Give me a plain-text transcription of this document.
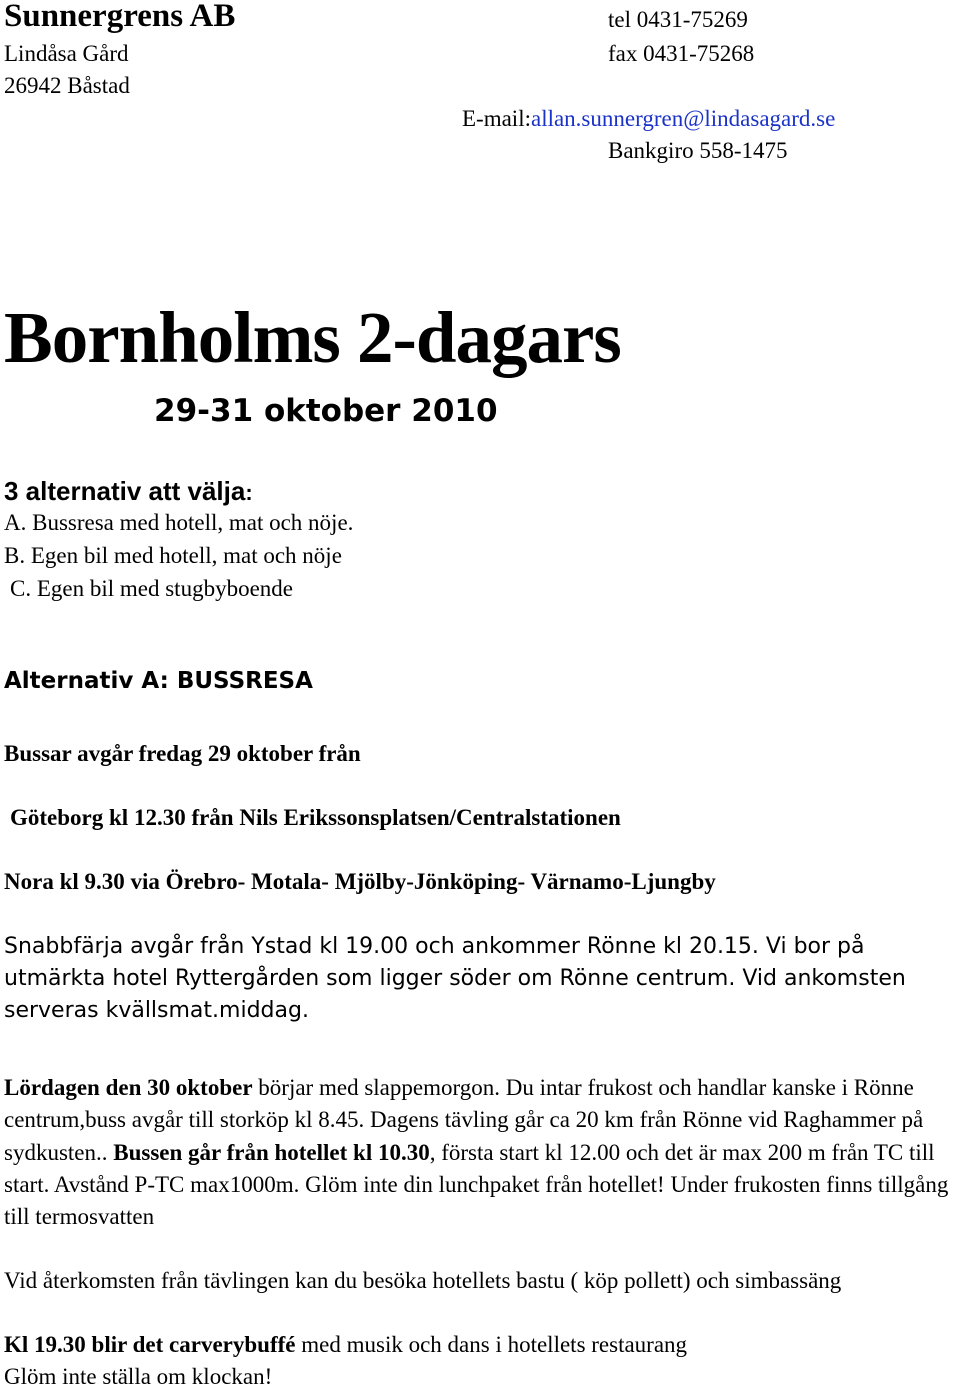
Sunnergrens AB
Lindåsa Gård
26942 Båstad
tel 0431-75269
fax 0431-75268
E-mail:allan.sunnergren@lindasagard.se
Bankgiro 558-1475
Bornholms 2-dagars
29-31 oktober 2010
3 alternativ att välja:
A. Bussresa med hotell, mat och nöje.
B. Egen bil med hotell, mat och nöje
C. Egen bil med stugbyboende
Alternativ A: BUSSRESA
Bussar avgår fredag 29 oktober från
Göteborg kl 12.30 från Nils Erikssonsplatsen/Centralstationen
Nora kl 9.30 via Örebro- Motala- Mjölby-Jönköping- Värnamo-Ljungby
Snabbfärja avgår från Ystad kl 19.00 och ankommer Rönne kl 20.15. Vi bor på utmärkta hotel Ryttergården som ligger söder om Rönne centrum. Vid ankomsten serveras kvällsmat.middag.
Lördagen den 30 oktober börjar med slappemorgon. Du intar frukost och handlar kanske i Rönne centrum,buss avgår till storköp kl 8.45. Dagens tävling går ca 20 km från Rönne vid Raghammer på sydkusten.. Bussen går från hotellet kl 10.30, första start kl 12.00 och det är max 200 m från TC till start. Avstånd P-TC max1000m. Glöm inte din lunchpaket från hotellet! Under frukosten finns tillgång till termosvatten
Vid återkomsten från tävlingen kan du besöka hotellets bastu ( köp pollett) och simbassäng
Kl 19.30 blir det carverybuffé med musik och dans i hotellets restaurang
Glöm inte ställa om klockan!
